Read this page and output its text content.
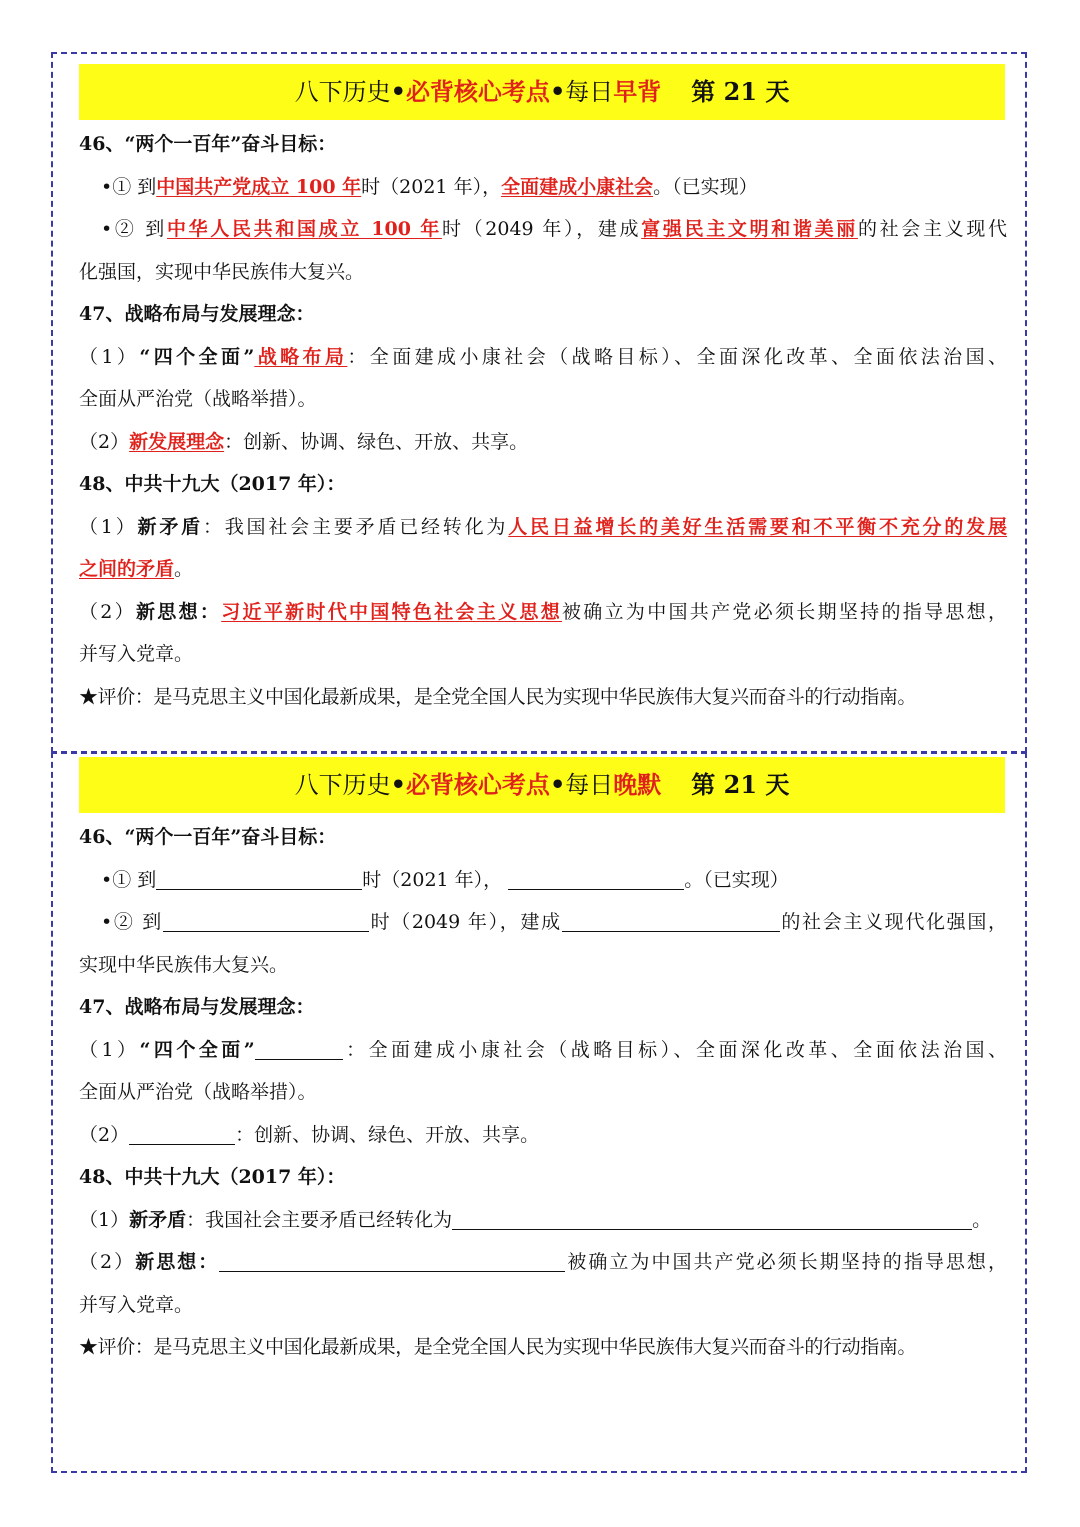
八下历史 • 必背核心考点 • 每日 早背 第 21 天
46、“两个一百年”奋斗目标：
•① 到中国共产党成立 100 年时（2021 年），全面建成小康社会。（已实现）
•② 到中华人民共和国成立 100 年时（2049 年），建成富强民主文明和谐美丽的社会主义现代
化强国，实现中华民族伟大复兴。
47、战略布局与发展理念：
（1）“四个全面”战略布局：全面建成小康社会（战略目标）、全面深化改革、全面依法治国、
全面从严治党（战略举措）。
（2）新发展理念：创新、协调、绿色、开放、共享。
48、中共十九大（2017 年）：
（1）新矛盾：我国社会主要矛盾已经转化为人民日益增长的美好生活需要和不平衡不充分的发展
之间的矛盾。
（2）新思想：习近平新时代中国特色社会主义思想被确立为中国共产党必须长期坚持的指导思想，
并写入党章。
★评价：是马克思主义中国化最新成果，是全党全国人民为实现中华民族伟大复兴而奋斗的行动指南。
八下历史 • 必背核心考点 • 每日 晚默 第 21 天
46、“两个一百年”奋斗目标：
•① 到	时（2021 年），	。（已实现）
•② 到	时（2049 年），建成	的社会主义现代化强国，
实现中华民族伟大复兴。
47、战略布局与发展理念：
（1）“四个全面”	：全面建成小康社会（战略目标）、全面深化改革、全面依法治国、
全面从严治党（战略举措）。
（2）	：创新、协调、绿色、开放、共享。
48、中共十九大（2017 年）：
（1）新矛盾：我国社会主要矛盾已经转化为	。
（2）新思想：	被确立为中国共产党必须长期坚持的指导思想，
并写入党章。
★评价：是马克思主义中国化最新成果，是全党全国人民为实现中华民族伟大复兴而奋斗的行动指南。
